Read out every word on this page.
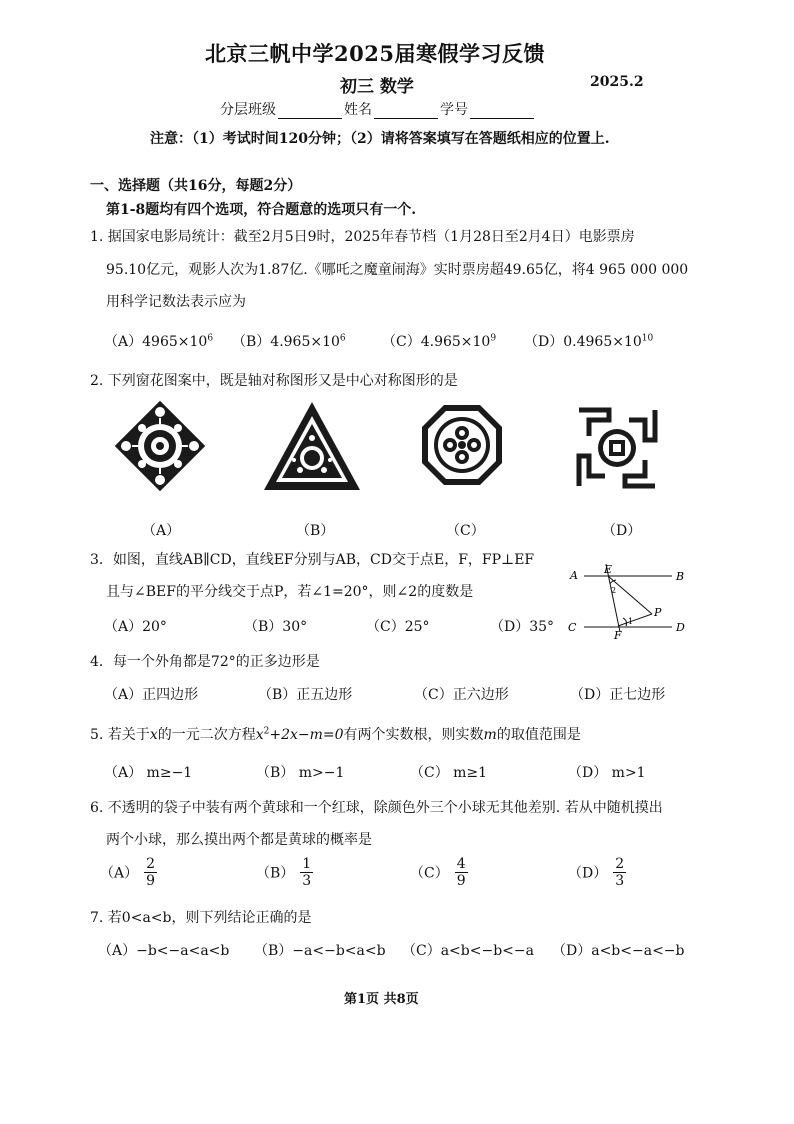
北京三帆中学2025届寒假学习反馈
初三 数学	2025.2
分层班级	姓名	学号
注意：（1）考试时间120分钟；（2）请将答案填写在答题纸相应的位置上.
一、选择题（共16分，每题2分）
第1-8题均有四个选项，符合题意的选项只有一个.
1. 据国家电影局统计：截至2月5日9时，2025年春节档（1月28日至2月4日）电影票房
95.10亿元，观影人次为1.87亿.《哪吒之魔童闹海》实时票房超49.65亿，将4 965 000 000
用科学记数法表示应为
$(A)4965\times 10^6$ $(B)4.965\times 10^6$	$(C)4.965\times 10^9$ $(D)0.4965\times 10^{10}$
2. 下列窗花图案中，既是轴对称图形又是中心对称图形的是
（A）	（B）	（C）	（D）
3．如图，直线AB∥CD，直线EF分别与AB，CD交于点E，F，FP⊥EF
且与∠BEF的平分线交于点P，若∠1=20°，则∠2的度数是
（A）20°	（B）30°	（C）25°	（D）35°
A	B
C	D
E
F
P
2
1
4．每一个外角都是72°的正多边形是
（A）正四边形	（B）正五边形	（C）正六边形	（D）正七边形
5. 若关于x的一元二次方程$x^2+2x-m=0$有两个实数根，则实数m的取值范围是
（A） m≥−1	（B） m>−1	（C） m≥1	（D） m>1
6. 不透明的袋子中装有两个黄球和一个红球，除颜色外三个小球无其他差别. 若从中随机摸出
两个小球，那么摸出两个都是黄球的概率是
$(A) \frac{2}{9}$	$(B) \frac{1}{3}$	$(C) \frac{4}{9}$	$(D) \frac{2}{3}$
7. 若0<a<b，则下列结论正确的是
（A）−b<−a<a<b （B）−a<−b<a<b （C）a<b<−b<−a （D）a<b<−a<−b
第1页 共8页
